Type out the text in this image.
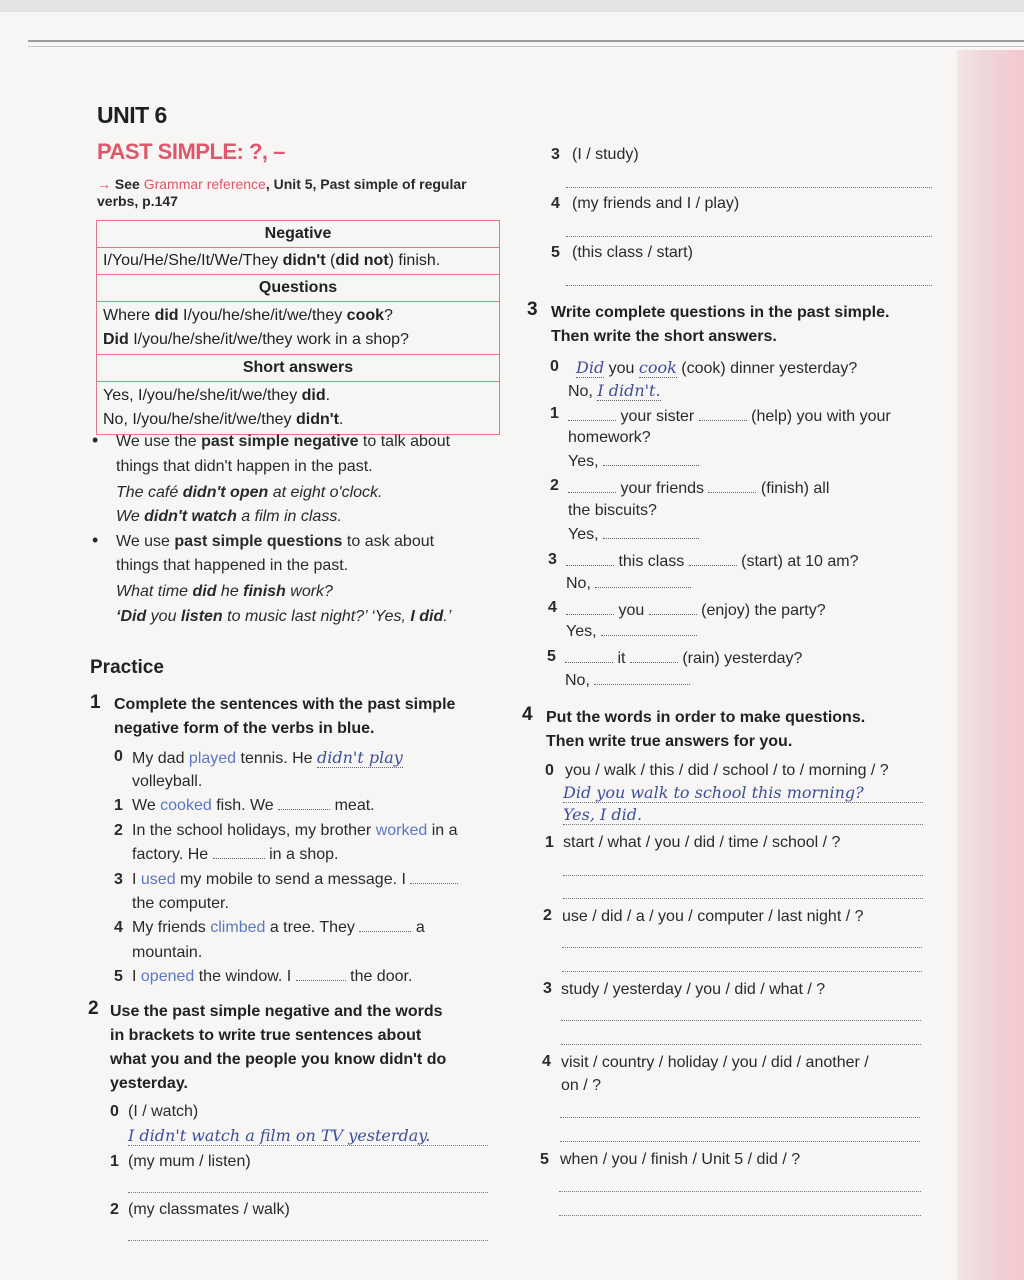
UNIT 6
PAST SIMPLE: ?, –
→ See Grammar reference, Unit 5, Past simple of regular verbs, p.147
Negative
I/You/He/She/It/We/They didn't (did not) finish.
Questions
Where did I/you/he/she/it/we/they cook?
Did I/you/he/she/it/we/they work in a shop?
Short answers
Yes, I/you/he/she/it/we/they did.
No, I/you/he/she/it/we/they didn't.
• We use the past simple negative to talk about
things that didn't happen in the past.
The café didn't open at eight o'clock.
We didn't watch a film in class.
• We use past simple questions to ask about
things that happened in the past.
What time did he finish work?
‘Did you listen to music last night?’ ‘Yes, I did.’
Practice
1 Complete the sentences with the past simple
negative form of the verbs in blue.
0 My dad played tennis. He didn't play
volleyball.
1 We cooked fish. We	meat.
2 In the school holidays, my brother worked in a
factory. He	in a shop.
3 I used my mobile to send a message. I
the computer.
4 My friends climbed a tree. They	a
mountain.
5 I opened the window. I	the door.
2 Use the past simple negative and the words
in brackets to write true sentences about
what you and the people you know didn't do
yesterday.
0 (I / watch)
I didn't watch a film on TV yesterday.
1 (my mum / listen)
2 (my classmates / walk)
3 (I / study)
4 (my friends and I / play)
5 (this class / start)
3 Write complete questions in the past simple.
Then write the short answers.
0 Did you cook (cook) dinner yesterday?
No, I didn't.
1	your sister	(help) you with your
homework?
Yes,
2	your friends	(finish) all
the biscuits?
Yes,
3	this class	(start) at 10 am?
No,
4	you	(enjoy) the party?
Yes,
5	it	(rain) yesterday?
No,
4 Put the words in order to make questions.
Then write true answers for you.
0 you / walk / this / did / school / to / morning / ?
Did you walk to school this morning?
Yes, I did.
1 start / what / you / did / time / school / ?
2 use / did / a / you / computer / last night / ?
3 study / yesterday / you / did / what / ?
4 visit / country / holiday / you / did / another /
on / ?
5 when / you / finish / Unit 5 / did / ?
